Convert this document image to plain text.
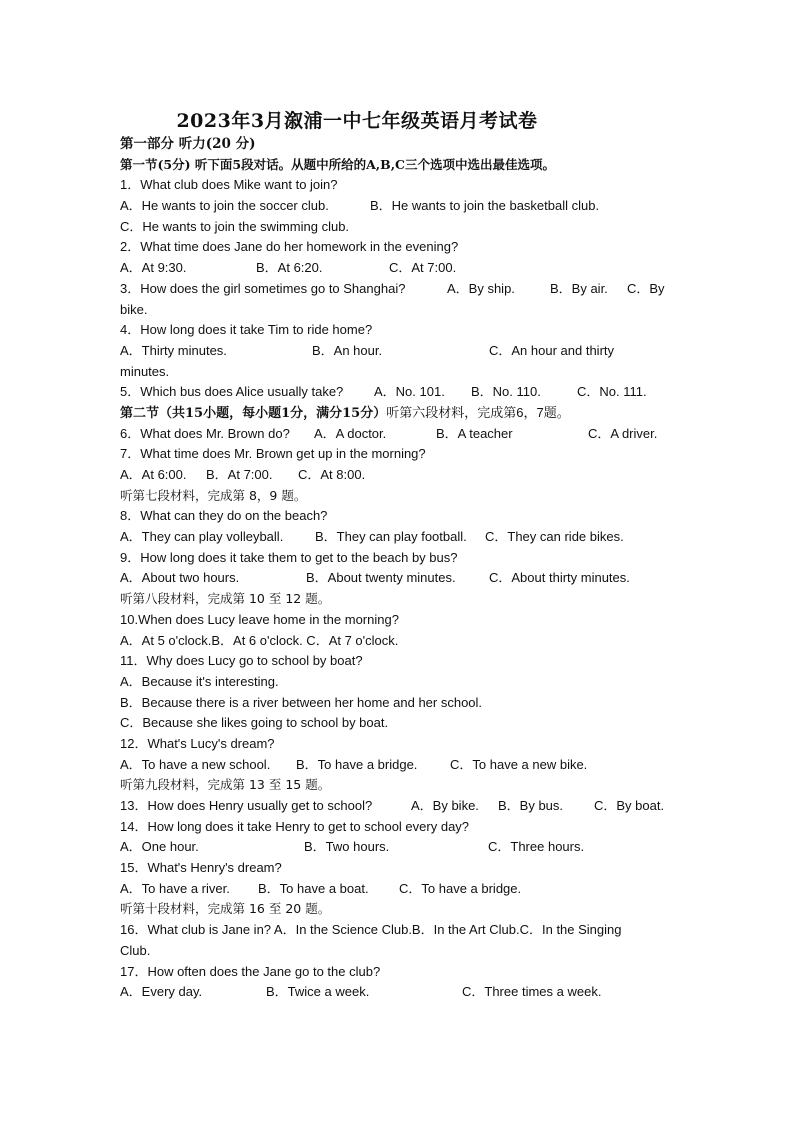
2023年3月溆浦一中七年级英语月考试卷
第一部分 听力(20 分)
第一节(5分) 听下面5段对话。从题中所给的A,B,C三个选项中选出最佳选项。
1．What club does Mike want to join?
A．He wants to join the soccer club.	B．He wants to join the basketball club.
C．He wants to join the swimming club.
2．What time does Jane do her homework in the evening?
A．At 9:30.	B．At 6:20.	C．At 7:00.
3．How does the girl sometimes go to Shanghai?	A．By ship.	B．By air. C．By
bike.
4．How long does it take Tim to ride home?
A．Thirty minutes.	B．An hour.	C．An hour and thirty
minutes.
5．Which bus does Alice usually take? A．No. 101. B．No. 110.	C．No. 111.
第二节（共15小题，每小题1分，满分15分）听第六段材料，完成第6，7题。
6．What does Mr. Brown do? A．A doctor.	B．A teacher	C．A driver.
7．What time does Mr. Brown get up in the morning?
A．At 6:00. B．At 7:00. C．At 8:00.
听第七段材料，完成第 8，9 题。
8．What can they do on the beach?
A．They can play volleyball. B．They can play football. C．They can ride bikes.
9．How long does it take them to get to the beach by bus?
A．About two hours.	B．About twenty minutes.	C．About thirty minutes.
听第八段材料，完成第 10 至 12 题。
10.When does Lucy leave home in the morning?
A．At 5 o'clock.B．At 6 o'clock. C．At 7 o'clock.
11．Why does Lucy go to school by boat?
A．Because it's interesting.
B．Because there is a river between her home and her school.
C．Because she likes going to school by boat.
12．What's Lucy's dream?
A．To have a new school. B．To have a bridge.	C．To have a new bike.
听第九段材料，完成第 13 至 15 题。
13．How does Henry usually get to school?	A．By bike. B．By bus. C．By boat.
14．How long does it take Henry to get to school every day?
A．One hour.	B．Two hours.	C．Three hours.
15．What's Henry's dream?
A．To have a river. B．To have a boat. C．To have a bridge.
听第十段材料，完成第 16 至 20 题。
16．What club is Jane in? A．In the Science Club.B．In the Art Club.C．In the Singing
Club.
17．How often does the Jane go to the club?
A．Every day.	B．Twice a week.	C．Three times a week.
